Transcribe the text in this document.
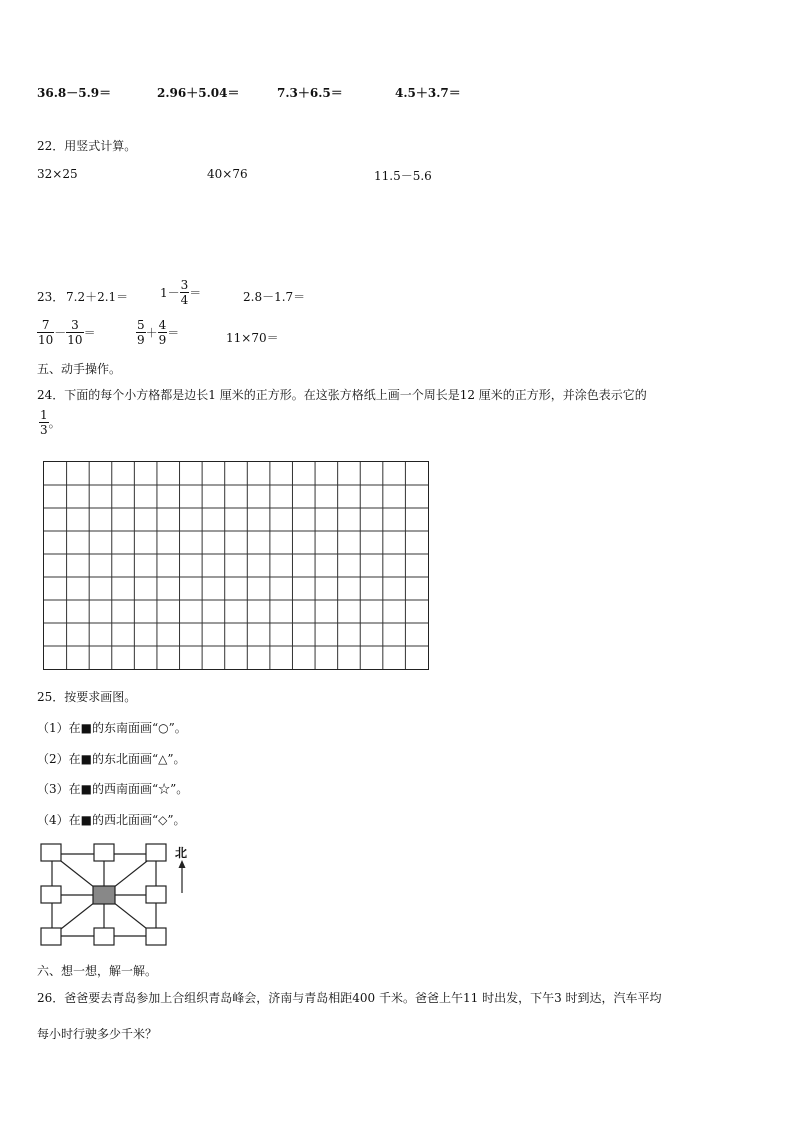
36.8－5.9＝	2.96＋5.04＝	7.3＋6.5＝	4.5＋3.7＝
22．用竖式计算。
32×25	40×76	11.5－5.6
23． 7.2＋2.1＝	$1- \frac{3}{4}$ ＝	2.8－1.7＝
$\frac{7}{10} - \frac{3}{10}$ ＝	$\frac{5}{9} + \frac{4}{9}$ ＝	11×70＝
五、动手操作。
24．下面的每个小方格都是边长1 厘米的正方形。在这张方格纸上画一个周长是12 厘米的正方形，并涂色表示它的
$\frac{1}{3}$ 。
25．按要求画图。
（1）在■的东南面画“○”。
（2）在■的东北面画“△”。
（3）在■的西南面画“☆”。
（4）在■的西北面画“◇”。
北
六、想一想，解一解。
26．爸爸要去青岛参加上合组织青岛峰会，济南与青岛相距400 千米。爸爸上午11 时出发，下午3 时到达，汽车平均
每小时行驶多少千米？
